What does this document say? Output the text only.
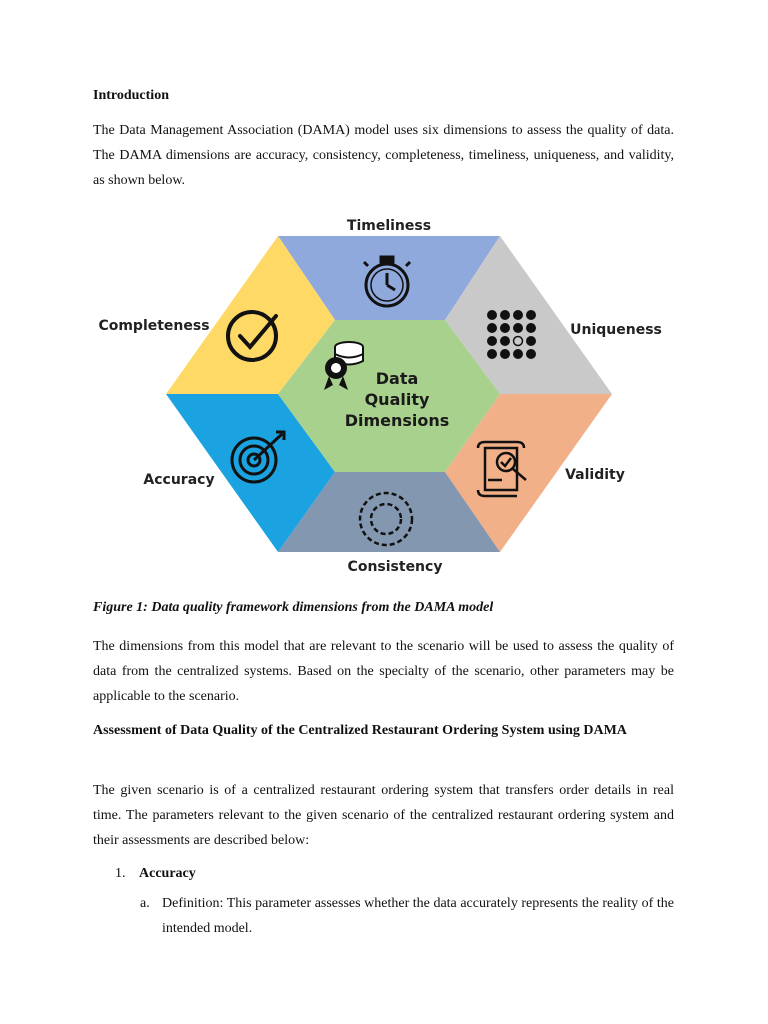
Introduction

The Data Management Association (DAMA) model uses six dimensions to assess the quality of data. The DAMA dimensions are accuracy, consistency, completeness, timeliness, uniqueness, and validity, as shown below.

Data
Quality
Dimensions
Timeliness
Completeness	Uniqueness
Accuracy	Validity
Consistency

Figure 1: Data quality framework dimensions from the DAMA model

The dimensions from this model that are relevant to the scenario will be used to assess the quality of data from the centralized systems. Based on the specialty of the scenario, other parameters may be applicable to the scenario.

Assessment of Data Quality of the Centralized Restaurant Ordering System using DAMA

The given scenario is of a centralized restaurant ordering system that transfers order details in real time. The parameters relevant to the given scenario of the centralized restaurant ordering system and their assessments are described below:

1. Accuracy
a. Definition: This parameter assesses whether the data accurately represents the reality of the intended model.
